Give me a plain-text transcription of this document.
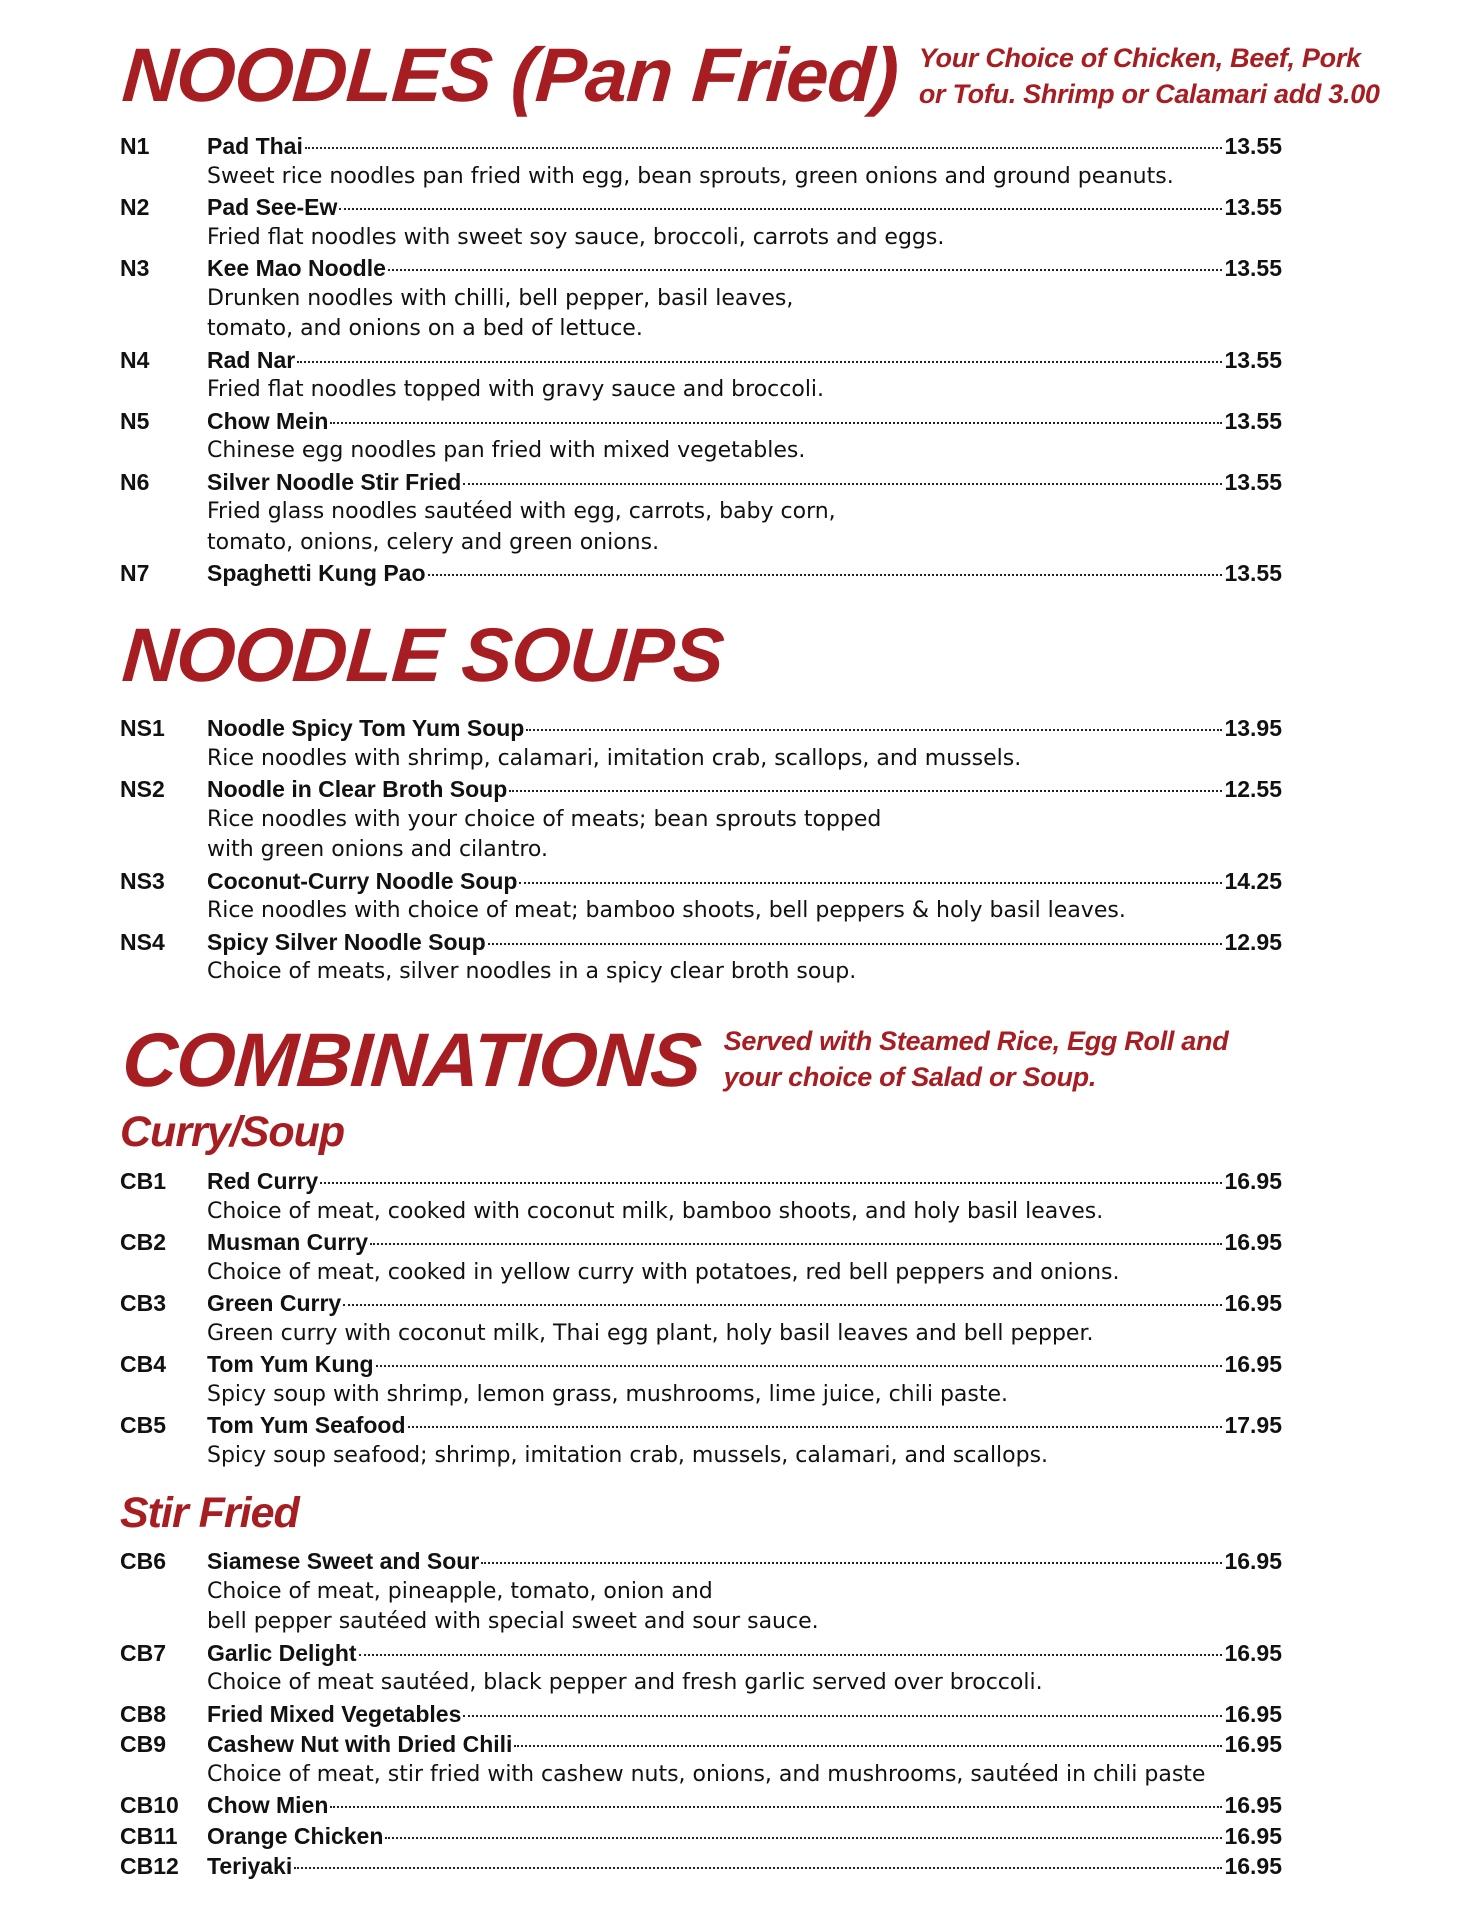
NOODLES (Pan Fried) Your Choice of Chicken, Beef, Pork
or Tofu. Shrimp or Calamari add 3.00
N1	Pad Thai	13.55
Sweet rice noodles pan fried with egg, bean sprouts, green onions and ground peanuts.
N2	Pad See-Ew	13.55
Fried flat noodles with sweet soy sauce, broccoli, carrots and eggs.
N3	Kee Mao Noodle	13.55
Drunken noodles with chilli, bell pepper, basil leaves,
tomato, and onions on a bed of lettuce.
N4	Rad Nar	13.55
Fried flat noodles topped with gravy sauce and broccoli.
N5	Chow Mein	13.55
Chinese egg noodles pan fried with mixed vegetables.
N6	Silver Noodle Stir Fried	13.55
Fried glass noodles sautéed with egg, carrots, baby corn,
tomato, onions, celery and green onions.
N7	Spaghetti Kung Pao	13.55
NOODLE SOUPS
NS1	Noodle Spicy Tom Yum Soup	13.95
Rice noodles with shrimp, calamari, imitation crab, scallops, and mussels.
NS2	Noodle in Clear Broth Soup	12.55
Rice noodles with your choice of meats; bean sprouts topped
with green onions and cilantro.
NS3	Coconut-Curry Noodle Soup	14.25
Rice noodles with choice of meat; bamboo shoots, bell peppers & holy basil leaves.
NS4	Spicy Silver Noodle Soup	12.95
Choice of meats, silver noodles in a spicy clear broth soup.
COMBINATIONS Served with Steamed Rice, Egg Roll and
your choice of Salad or Soup.
Curry/Soup
CB1	Red Curry	16.95
Choice of meat, cooked with coconut milk, bamboo shoots, and holy basil leaves.
CB2	Musman Curry	16.95
Choice of meat, cooked in yellow curry with potatoes, red bell peppers and onions.
CB3	Green Curry	16.95
Green curry with coconut milk, Thai egg plant, holy basil leaves and bell pepper.
CB4	Tom Yum Kung	16.95
Spicy soup with shrimp, lemon grass, mushrooms, lime juice, chili paste.
CB5	Tom Yum Seafood	17.95
Spicy soup seafood; shrimp, imitation crab, mussels, calamari, and scallops.
Stir Fried
CB6	Siamese Sweet and Sour	16.95
Choice of meat, pineapple, tomato, onion and
bell pepper sautéed with special sweet and sour sauce.
CB7	Garlic Delight	16.95
Choice of meat sautéed, black pepper and fresh garlic served over broccoli.
CB8	Fried Mixed Vegetables	16.95
CB9	Cashew Nut with Dried Chili	16.95
Choice of meat, stir fried with cashew nuts, onions, and mushrooms, sautéed in chili paste
CB10	Chow Mien	16.95
CB11	Orange Chicken	16.95
CB12	Teriyaki	16.95
